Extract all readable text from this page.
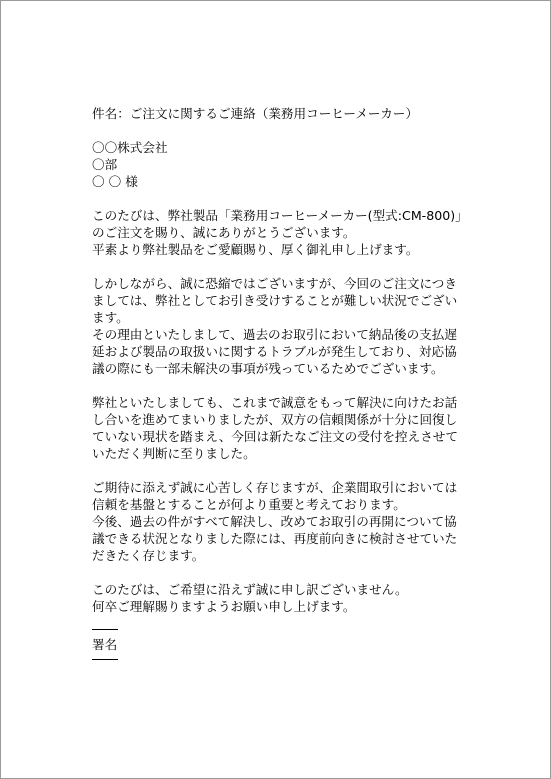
件名：ご注文に関するご連絡（業務用コーヒーメーカー）
〇〇株式会社
〇部
〇 〇 様
このたびは、弊社製品「業務用コーヒーメーカー(型式:CM-800)」
のご注文を賜り、誠にありがとうございます。
平素より弊社製品をご愛顧賜り、厚く御礼申し上げます。
しかしながら、誠に恐縮ではございますが、今回のご注文につき
ましては、弊社としてお引き受けすることが難しい状況でござい
ます。
その理由といたしまして、過去のお取引において納品後の支払遅
延および製品の取扱いに関するトラブルが発生しており、対応協
議の際にも一部未解決の事項が残っているためでございます。
弊社といたしましても、これまで誠意をもって解決に向けたお話
し合いを進めてまいりましたが、双方の信頼関係が十分に回復し
ていない現状を踏まえ、今回は新たなご注文の受付を控えさせて
いただく判断に至りました。
ご期待に添えず誠に心苦しく存じますが、企業間取引においては
信頼を基盤とすることが何より重要と考えております。
今後、過去の件がすべて解決し、改めてお取引の再開について協
議できる状況となりました際には、再度前向きに検討させていた
だきたく存じます。
このたびは、ご希望に沿えず誠に申し訳ございません。
何卒ご理解賜りますようお願い申し上げます。
署名
